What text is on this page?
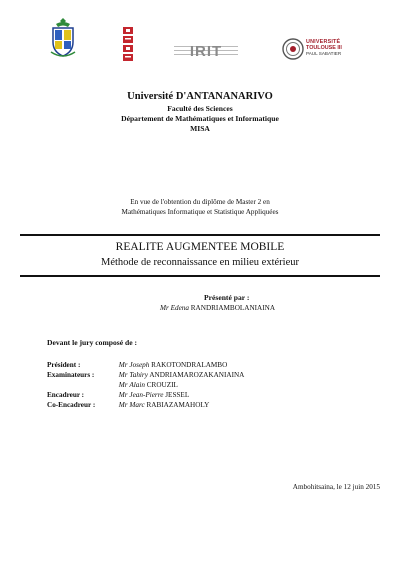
IRIT
UNIVERSITÉ
TOULOUSE III
PAUL SABATIER
Université D'ANTANANARIVO
Faculté des Sciences
Département de Mathématiques et Informatique
MISA
En vue de l'obtention du diplôme de Master 2 en
Mathématiques Informatique et Statistique Appliquées
REALITE AUGMENTEE MOBILE
Méthode de reconnaissance en milieu extérieur
Présenté par :
Mr Edena RANDRIAMBOLANIAINA
Devant le jury composé de :
Président :	Mr Joseph RAKOTONDRALAMBO
Examinateurs :	Mr Tahiry ANDRIAMAROZAKANIAINA
Mr Alain CROUZIL
Encadreur :	Mr Jean-Pierre JESSEL
Co-Encadreur :	Mr Marc RABIAZAMAHOLY
Ambohitsaina, le 12 juin 2015
